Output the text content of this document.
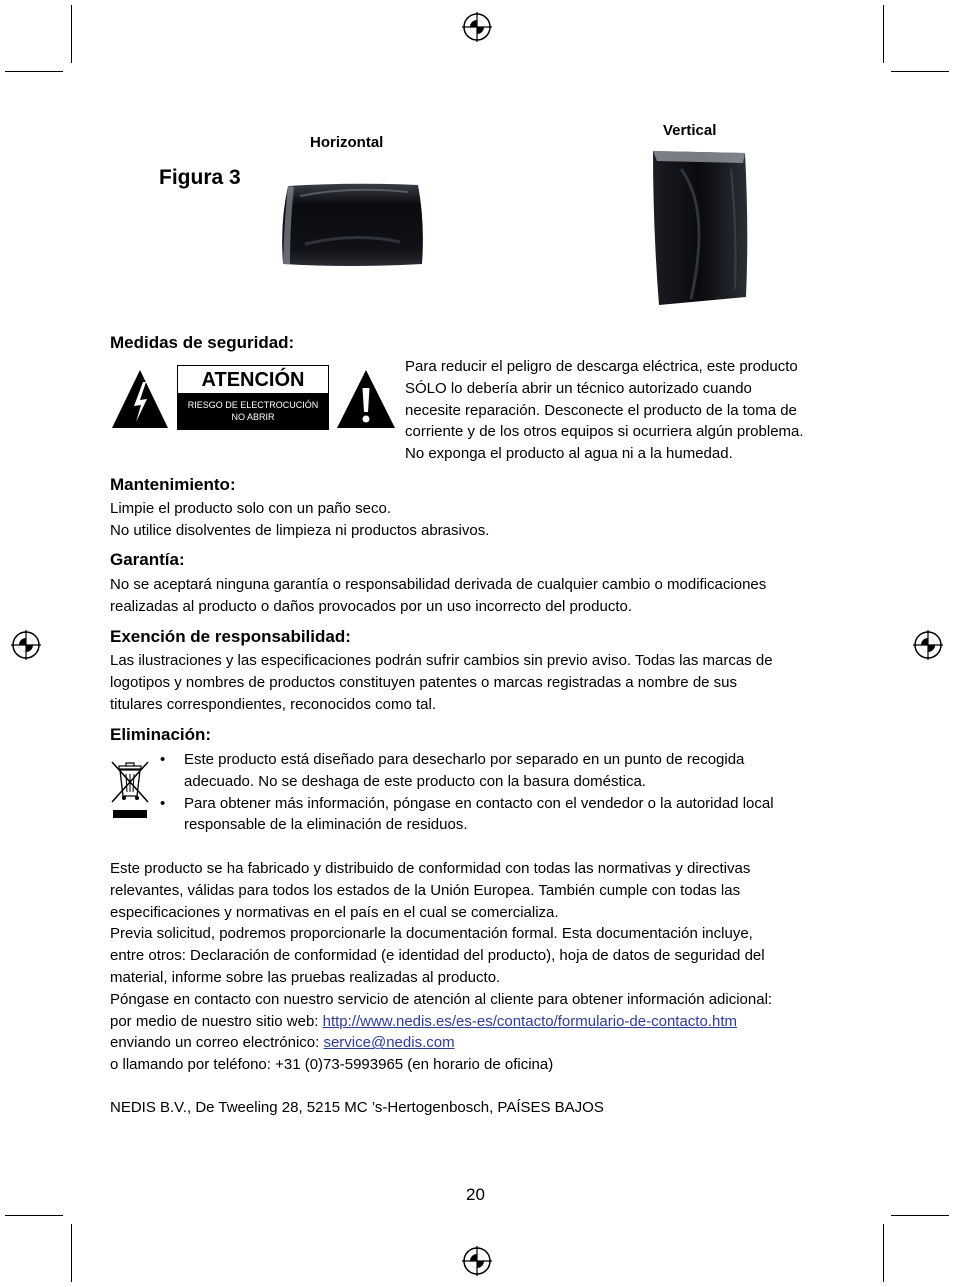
Vertical
Horizontal
Figura 3
Medidas de seguridad:
ATENCIÓN
RIESGO DE ELECTROCUCIÓN
NO ABRIR

Para reducir el peligro de descarga eléctrica, este producto

SÓLO lo debería abrir un técnico autorizado cuando

necesite reparación. Desconecte el producto de la toma de

corriente y de los otros equipos si ocurriera algún problema.

No exponga el producto al agua ni a la humedad.

Mantenimiento:

Limpie el producto solo con un paño seco.

No utilice disolventes de limpieza ni productos abrasivos.

Garantía:

No se aceptará ninguna garantía o responsabilidad derivada de cualquier cambio o modificaciones

realizadas al producto o daños provocados por un uso incorrecto del producto.

Exención de responsabilidad:

Las ilustraciones y las especificaciones podrán sufrir cambios sin previo aviso. Todas las marcas de

logotipos y nombres de productos constituyen patentes o marcas registradas a nombre de sus

titulares correspondientes, reconocidos como tal.

Eliminación:
• Este producto está diseñado para desecharlo por separado en un punto de recogida
adecuado. No se deshaga de este producto con la basura doméstica.
• Para obtener más información, póngase en contacto con el vendedor o la autoridad local
responsable de la eliminación de residuos.

Este producto se ha fabricado y distribuido de conformidad con todas las normativas y directivas

relevantes, válidas para todos los estados de la Unión Europea. También cumple con todas las

especificaciones y normativas en el país en el cual se comercializa.

Previa solicitud, podremos proporcionarle la documentación formal. Esta documentación incluye,

entre otros: Declaración de conformidad (e identidad del producto), hoja de datos de seguridad del

material, informe sobre las pruebas realizadas al producto.

Póngase en contacto con nuestro servicio de atención al cliente para obtener información adicional:

por medio de nuestro sitio web: http://www.nedis.es/es-es/contacto/formulario-de-contacto.htm

enviando un correo electrónico: service@nedis.com

o llamando por teléfono: +31 (0)73-5993965 (en horario de oficina)

NEDIS B.V., De Tweeling 28, 5215 MC ’s-Hertogenbosch, PAÍSES BAJOS
20
